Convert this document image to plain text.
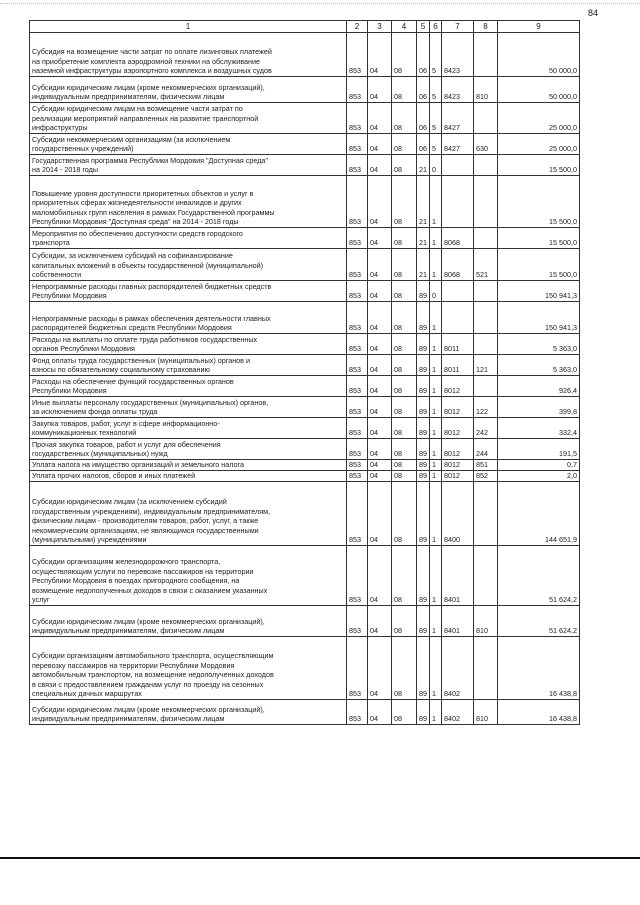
84
1	2	3	4	5	6	7	8	9
Субсидия на возмещение части затрат по оплате лизинговых платежей
на приобретение комплекта аэродромной техники на обслуживание
наземной инфраструктуры аэропортного комплекса и воздушных судов	853	04	08	06	5	8423		50 000,0
Субсидии юридическим лицам (кроме некоммерческих организаций),
индивидуальным предпринимателям, физическим лицам	853	04	08	06	5	8423	810	50 000,0
Субсидии юридическим лицам на возмещение части затрат по
реализации мероприятий направленных на развитие транспортной
инфраструктуры	853	04	08	06	5	8427		25 000,0
Субсидии некоммерческим организациям (за исключением
государственных учреждений)	853	04	08	06	5	8427	630	25 000,0
Государственная программа Республики Мордовия "Доступная среда"
на 2014 - 2018 годы	853	04	08	21	0			15 500,0
Повышение уровня доступности приоритетных объектов и услуг в
приоритетных сферах жизнедеятельности инвалидов и других
маломобильных групп населения в рамках Государственной программы
Республики Мордовия "Доступная среда" на 2014 - 2018 годы	853	04	08	21	1			15 500,0
Мероприятия по обеспечению доступности средств городского
транспорта	853	04	08	21	1	8068		15 500,0
Субсидии, за исключением субсидий на софинансирование
капитальных вложений в объекты государственной (муниципальной)
собственности	853	04	08	21	1	8068	521	15 500,0
Непрограммные расходы главных распорядителей бюджетных средств
Республики Мордовия	853	04	08	89	0			150 941,3
Непрограммные расходы в рамках обеспечения деятельности главных
распорядителей бюджетных средств Республики Мордовия	853	04	08	89	1			150 941,3
Расходы на выплаты по оплате труда работников государственных
органов Республики Мордовия	853	04	08	89	1	8011		5 363,0
Фонд оплаты труда государственных (муниципальных) органов и
взносы по обязательному социальному страхованию	853	04	08	89	1	8011	121	5 363,0
Расходы на обеспечение функций государственных органов
Республики Мордовия	853	04	08	89	1	8012		926,4
Иные выплаты персоналу государственных (муниципальных) органов,
за исключением фонда оплаты труда	853	04	08	89	1	8012	122	399,8
Закупка товаров, работ, услуг в сфере информационно-
коммуникационных технологий	853	04	08	89	1	8012	242	332,4
Прочая закупка товаров, работ и услуг для обеспечения
государственных (муниципальных) нужд	853	04	08	89	1	8012	244	191,5
Уплата налога на имущество организаций и земельного налога	853	04	08	89	1	8012	851	0,7
Уплата прочих налогов, сборов и иных платежей	853	04	08	89	1	8012	852	2,0
Субсидии юридическим лицам (за исключением субсидий
государственным учреждениям), индивидуальным предпринимателям,
физическим лицам - производителям товаров, работ, услуг, а также
некоммерческим организациям, не являющимся государственными
(муниципальными) учреждениями	853	04	08	89	1	8400		144 651,9
Субсидии организациям железнодорожного транспорта,
осуществляющим услуги по перевозке пассажиров на территории
Республики Мордовия в поездах пригородного сообщения, на
возмещение недополученных доходов в связи с оказанием указанных
услуг	853	04	08	89	1	8401		51 624,2
Субсидии юридическим лицам (кроме некоммерческих организаций),
индивидуальным предпринимателям, физическим лицам	853	04	08	89	1	8401	810	51 624,2
Субсидии организациям автомобильного транспорта, осуществляющим
перевозку пассажиров на территории Республики Мордовия
автомобильным транспортом, на возмещение недополученных доходов
в связи с предоставлением гражданам услуг по проезду на сезонных
специальных дачных маршрутах	853	04	08	89	1	8402		16 438,8
Субсидии юридическим лицам (кроме некоммерческих организаций),
индивидуальным предпринимателям, физическим лицам	853	04	08	89	1	8402	810	16 438,8
